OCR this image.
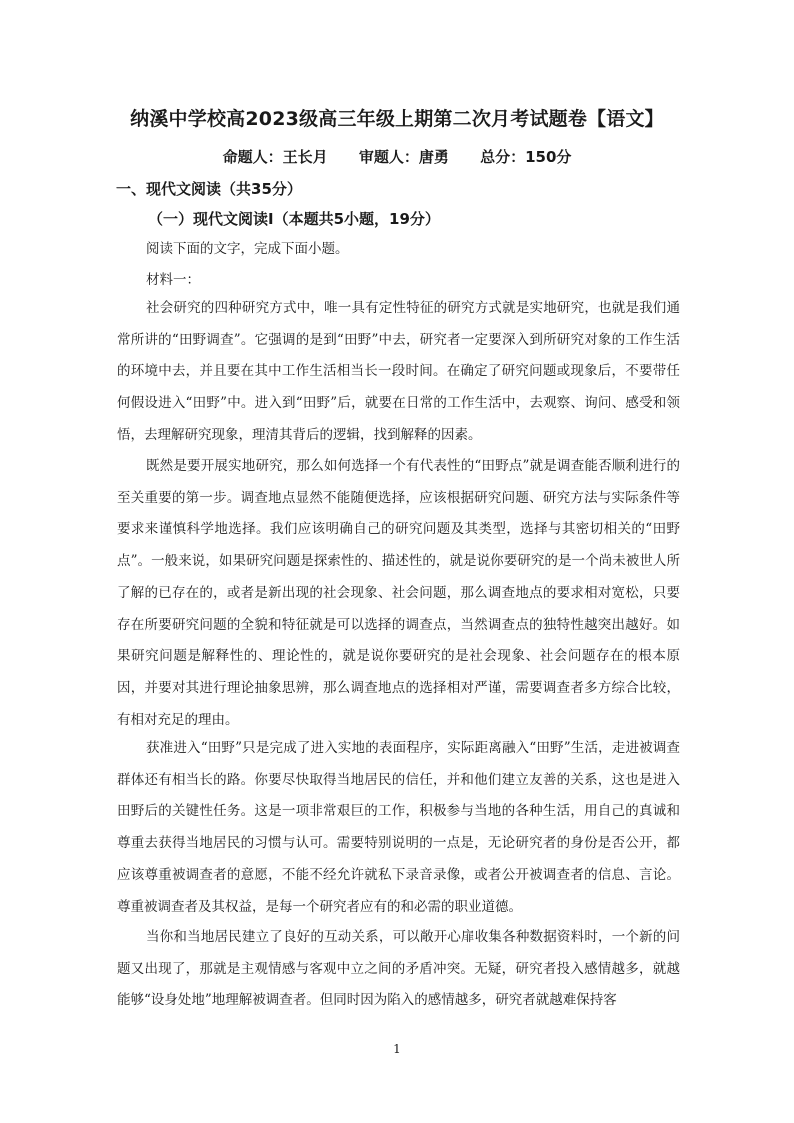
纳溪中学校高2023级高三年级上期第二次月考试题卷【语文】
命题人：王长月 审题人：唐勇 总分：150分
一、现代文阅读（共35分）
（一）现代文阅读Ⅰ（本题共5小题，19分）
阅读下面的文字，完成下面小题。
材料一：

社会研究的四种研究方式中，唯一具有定性特征的研究方式就是实地研究，也就是我们通常所讲的“田野调查”。它强调的是到“田野”中去，研究者一定要深入到所研究对象的工作生活的环境中去，并且要在其中工作生活相当长一段时间。在确定了研究问题或现象后，不要带任何假设进入“田野”中。进入到“田野”后，就要在日常的工作生活中，去观察、询问、感受和领悟，去理解研究现象，理清其背后的逻辑，找到解释的因素。

既然是要开展实地研究，那么如何选择一个有代表性的“田野点”就是调查能否顺利进行的至关重要的第一步。调查地点显然不能随便选择，应该根据研究问题、研究方法与实际条件等要求来谨慎科学地选择。我们应该明确自己的研究问题及其类型，选择与其密切相关的“田野点”。一般来说，如果研究问题是探索性的、描述性的，就是说你要研究的是一个尚未被世人所了解的已存在的，或者是新出现的社会现象、社会问题，那么调查地点的要求相对宽松，只要存在所要研究问题的全貌和特征就是可以选择的调查点，当然调查点的独特性越突出越好。如果研究问题是解释性的、理论性的，就是说你要研究的是社会现象、社会问题存在的根本原因，并要对其进行理论抽象思辨，那么调查地点的选择相对严谨，需要调查者多方综合比较，有相对充足的理由。

获准进入“田野”只是完成了进入实地的表面程序，实际距离融入“田野”生活，走进被调查群体还有相当长的路。你要尽快取得当地居民的信任，并和他们建立友善的关系，这也是进入田野后的关键性任务。这是一项非常艰巨的工作，积极参与当地的各种生活，用自己的真诚和尊重去获得当地居民的习惯与认可。需要特别说明的一点是，无论研究者的身份是否公开，都应该尊重被调查者的意愿，不能不经允许就私下录音录像，或者公开被调查者的信息、言论。尊重被调查者及其权益，是每一个研究者应有的和必需的职业道德。

当你和当地居民建立了良好的互动关系，可以敞开心扉收集各种数据资料时，一个新的问题又出现了，那就是主观情感与客观中立之间的矛盾冲突。无疑，研究者投入感情越多，就越能够“设身处地”地理解被调查者。但同时因为陷入的感情越多，研究者就越难保持客

1
